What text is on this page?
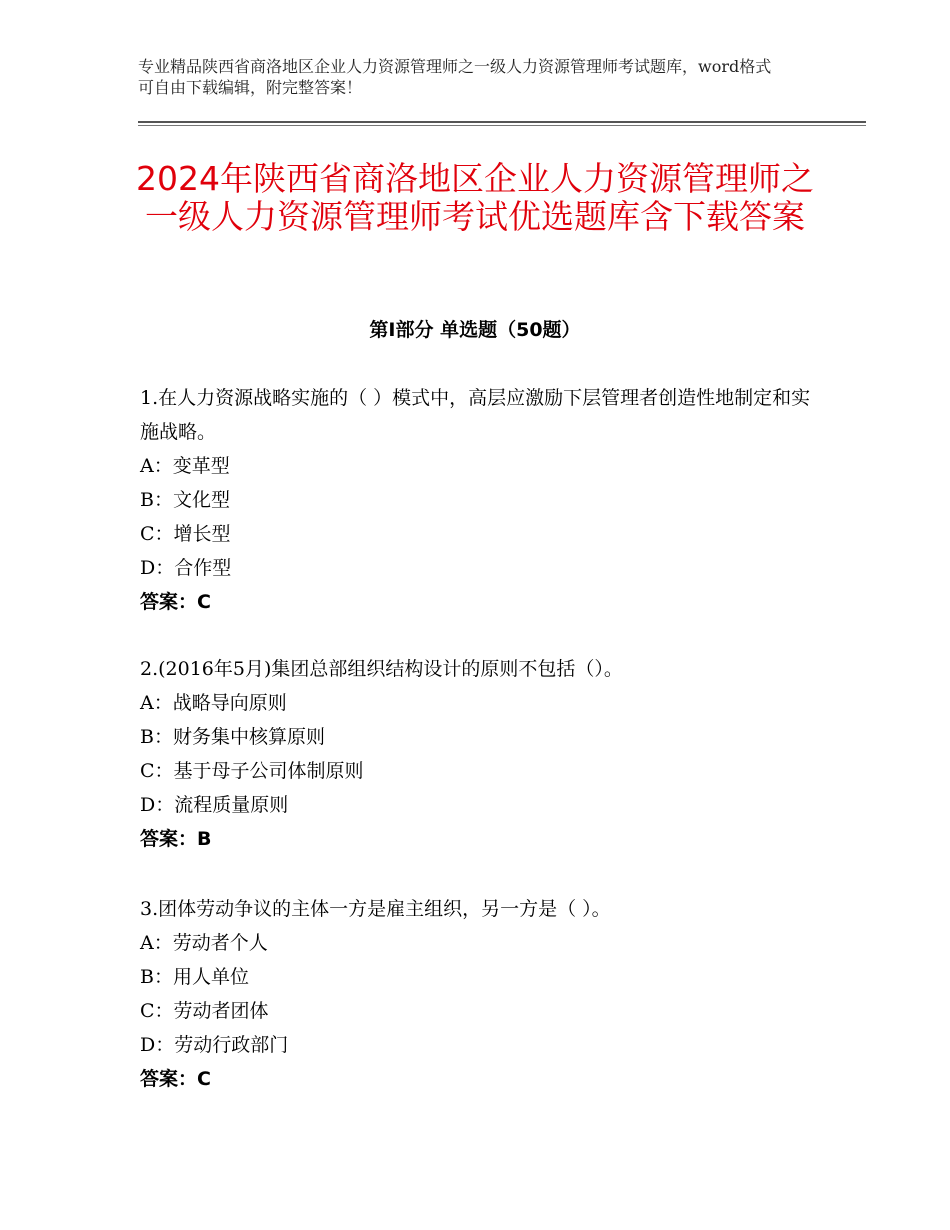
专业精品陕西省商洛地区企业人力资源管理师之一级人力资源管理师考试题库，word格式可自由下载编辑，附完整答案！
2024年陕西省商洛地区企业人力资源管理师之一级人力资源管理师考试优选题库含下载答案
第Ⅰ部分 单选题（50题）

1.在人力资源战略实施的（ ）模式中，高层应激励下层管理者创造性地制定和实施战略。

A：变革型

B：文化型

C：增长型

D：合作型

答案：C

2.(2016年5月)集团总部组织结构设计的原则不包括（）。

A：战略导向原则

B：财务集中核算原则

C：基于母子公司体制原则

D：流程质量原则

答案：B

3.团体劳动争议的主体一方是雇主组织，另一方是（ ）。

A：劳动者个人

B：用人单位

C：劳动者团体

D：劳动行政部门

答案：C
